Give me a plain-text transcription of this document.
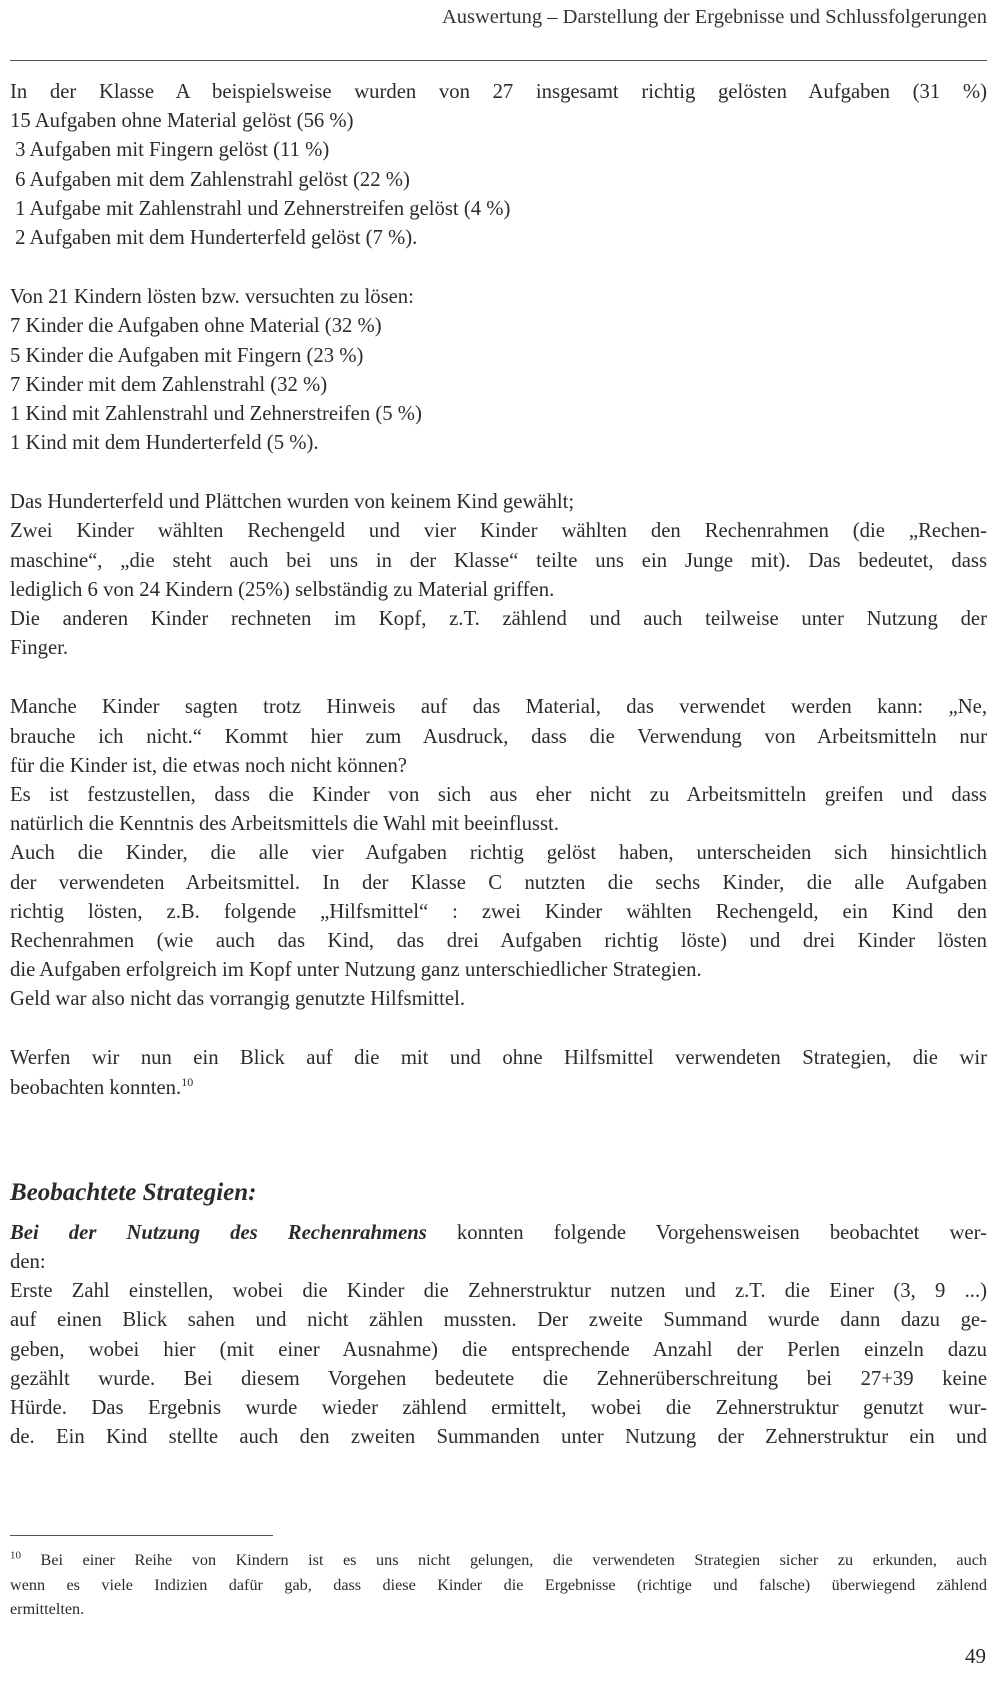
Auswertung – Darstellung der Ergebnisse und Schlussfolgerungen
In der Klasse A beispielsweise wurden von 27 insgesamt richtig gelösten Aufgaben (31 %)
15 Aufgaben ohne Material gelöst (56 %)
3 Aufgaben mit Fingern gelöst (11 %)
6 Aufgaben mit dem Zahlenstrahl gelöst (22 %)
1 Aufgabe mit Zahlenstrahl und Zehnerstreifen gelöst (4 %)
2 Aufgaben mit dem Hunderterfeld gelöst (7 %).
Von 21 Kindern lösten bzw. versuchten zu lösen:
7 Kinder die Aufgaben ohne Material (32 %)
5 Kinder die Aufgaben mit Fingern (23 %)
7 Kinder mit dem Zahlenstrahl (32 %)
1 Kind mit Zahlenstrahl und Zehnerstreifen (5 %)
1 Kind mit dem Hunderterfeld (5 %).
Das Hunderterfeld und Plättchen wurden von keinem Kind gewählt;
Zwei Kinder wählten Rechengeld und vier Kinder wählten den Rechenrahmen (die „Rechen-
maschine“, „die steht auch bei uns in der Klasse“ teilte uns ein Junge mit). Das bedeutet, dass
lediglich 6 von 24 Kindern (25%) selbständig zu Material griffen.
Die anderen Kinder rechneten im Kopf, z.T. zählend und auch teilweise unter Nutzung der
Finger.
Manche Kinder sagten trotz Hinweis auf das Material, das verwendet werden kann: „Ne,
brauche ich nicht.“ Kommt hier zum Ausdruck, dass die Verwendung von Arbeitsmitteln nur
für die Kinder ist, die etwas noch nicht können?
Es ist festzustellen, dass die Kinder von sich aus eher nicht zu Arbeitsmitteln greifen und dass
natürlich die Kenntnis des Arbeitsmittels die Wahl mit beeinflusst.
Auch die Kinder, die alle vier Aufgaben richtig gelöst haben, unterscheiden sich hinsichtlich
der verwendeten Arbeitsmittel. In der Klasse C nutzten die sechs Kinder, die alle Aufgaben
richtig lösten, z.B. folgende „Hilfsmittel“ : zwei Kinder wählten Rechengeld, ein Kind den
Rechenrahmen (wie auch das Kind, das drei Aufgaben richtig löste) und drei Kinder lösten
die Aufgaben erfolgreich im Kopf unter Nutzung ganz unterschiedlicher Strategien.
Geld war also nicht das vorrangig genutzte Hilfsmittel.
Werfen wir nun ein Blick auf die mit und ohne Hilfsmittel verwendeten Strategien, die wir
beobachten konnten.$^{10}$
Beobachtete Strategien:
Bei der Nutzung des Rechenrahmens konnten folgende Vorgehensweisen beobachtet wer-
den:
Erste Zahl einstellen, wobei die Kinder die Zehnerstruktur nutzen und z.T. die Einer (3, 9 ...)
auf einen Blick sahen und nicht zählen mussten. Der zweite Summand wurde dann dazu ge-
geben, wobei hier (mit einer Ausnahme) die entsprechende Anzahl der Perlen einzeln dazu
gezählt wurde. Bei diesem Vorgehen bedeutete die Zehnerüberschreitung bei 27+39 keine
Hürde. Das Ergebnis wurde wieder zählend ermittelt, wobei die Zehnerstruktur genutzt wur-
de. Ein Kind stellte auch den zweiten Summanden unter Nutzung der Zehnerstruktur ein und
$^{10}$ Bei einer Reihe von Kindern ist es uns nicht gelungen, die verwendeten Strategien sicher zu erkunden, auch
wenn es viele Indizien dafür gab, dass diese Kinder die Ergebnisse (richtige und falsche) überwiegend zählend
ermittelten.
49
